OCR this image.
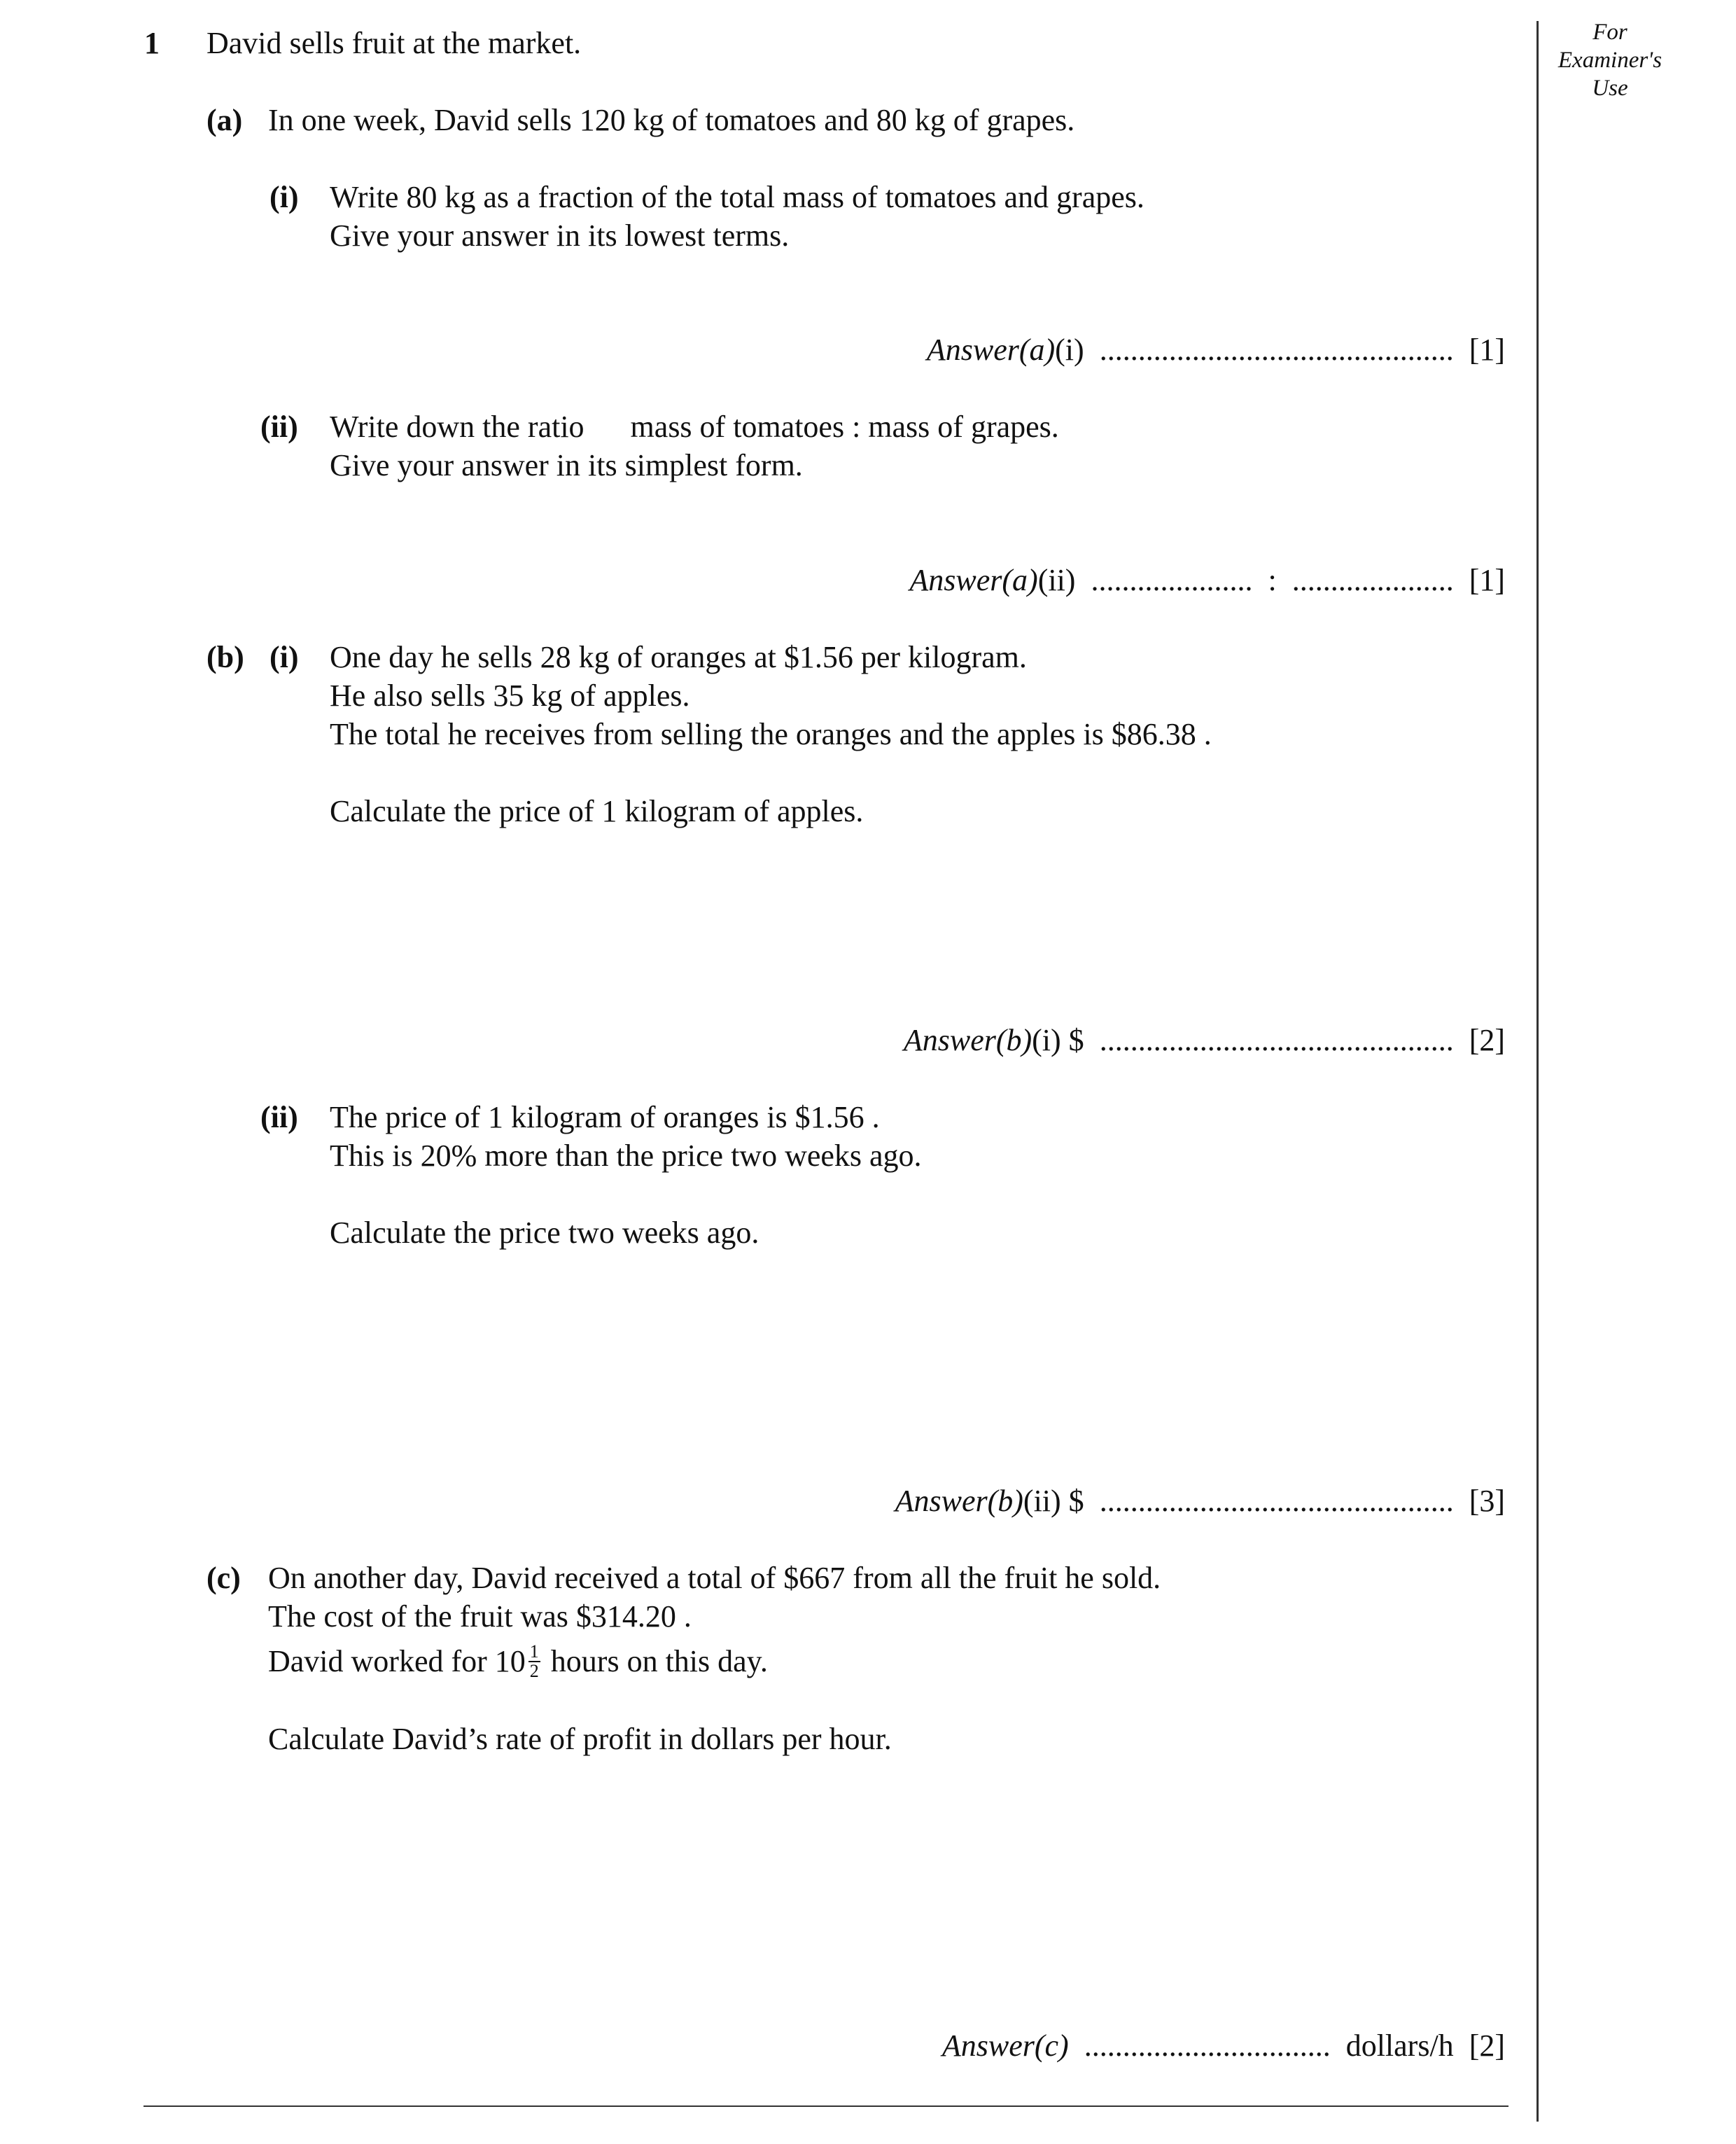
For
Examiner's
Use
1 David sells fruit at the market.
(a) In one week, David sells 120 kg of tomatoes and 80 kg of grapes.
(i) Write 80 kg as a fraction of the total mass of tomatoes and grapes.
Give your answer in its lowest terms.
Answer(a)(i) .............................................. [1]
(ii) Write down the ratio      mass of tomatoes : mass of grapes.
Give your answer in its simplest form.
Answer(a)(ii) ..................... : ..................... [1]
(b) (i) One day he sells 28 kg of oranges at $1.56 per kilogram.
He also sells 35 kg of apples.
The total he receives from selling the oranges and the apples is $86.38 .
Calculate the price of 1 kilogram of apples.
Answer(b)(i) $ .............................................. [2]
(ii) The price of 1 kilogram of oranges is $1.56 .
This is 20% more than the price two weeks ago.
Calculate the price two weeks ago.
Answer(b)(ii) $ .............................................. [3]
(c) On another day, David received a total of $667 from all the fruit he sold.
The cost of the fruit was $314.20 .
David worked for $10 \frac{1}{2}$ hours on this day.
Calculate David’s rate of profit in dollars per hour.
Answer(c) ................................ dollars/h [2]
